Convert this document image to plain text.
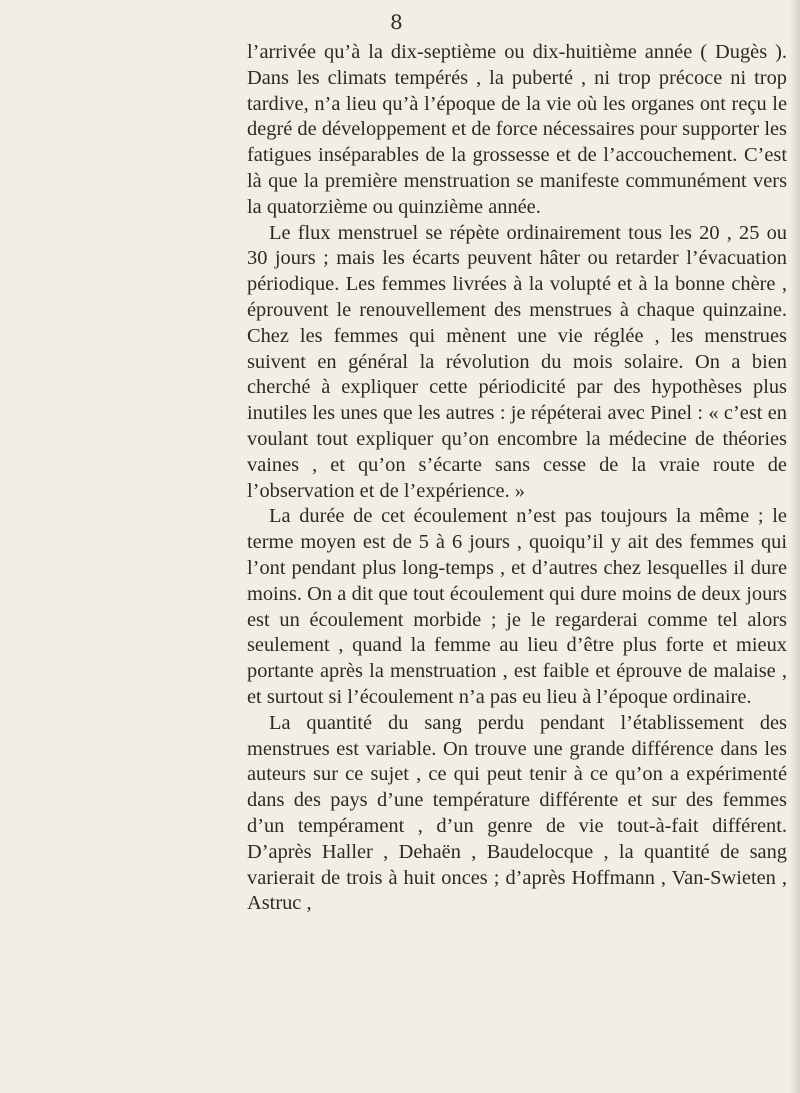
8

l’arrivée qu’à la dix-septième ou dix-huitième année ( Dugès ). Dans les climats tempérés , la puberté , ni trop précoce ni trop tardive, n’a lieu qu’à l’époque de la vie où les organes ont reçu le degré de développement et de force nécessaires pour supporter les fatigues inséparables de la grossesse et de l’accouchement. C’est là que la première menstruation se manifeste communément vers la quatorzième ou quinzième année.

Le flux menstruel se répète ordinairement tous les 20 , 25 ou 30 jours ; mais les écarts peuvent hâter ou retarder l’évacuation périodique. Les femmes livrées à la volupté et à la bonne chère , éprouvent le renouvellement des menstrues à chaque quinzaine. Chez les femmes qui mènent une vie réglée , les menstrues suivent en général la révolution du mois solaire. On a bien cherché à expliquer cette périodicité par des hypothèses plus inutiles les unes que les autres : je répéterai avec Pinel : « c’est en voulant tout expliquer qu’on encombre la médecine de théories vaines , et qu’on s’écarte sans cesse de la vraie route de l’observation et de l’expérience. »

La durée de cet écoulement n’est pas toujours la même ; le terme moyen est de 5 à 6 jours , quoiqu’il y ait des femmes qui l’ont pendant plus long-temps , et d’autres chez lesquelles il dure moins. On a dit que tout écoulement qui dure moins de deux jours est un écoulement morbide ; je le regarderai comme tel alors seulement , quand la femme au lieu d’être plus forte et mieux portante après la menstruation , est faible et éprouve de malaise , et surtout si l’écoulement n’a pas eu lieu à l’époque ordinaire.

La quantité du sang perdu pendant l’établissement des menstrues est variable. On trouve une grande différence dans les auteurs sur ce sujet , ce qui peut tenir à ce qu’on a expérimenté dans des pays d’une température différente et sur des femmes d’un tempérament , d’un genre de vie tout-à-fait différent. D’après Haller , Dehaën , Baudelocque , la quantité de sang varierait de trois à huit onces ; d’après Hoffmann , Van-Swieten , Astruc ,
